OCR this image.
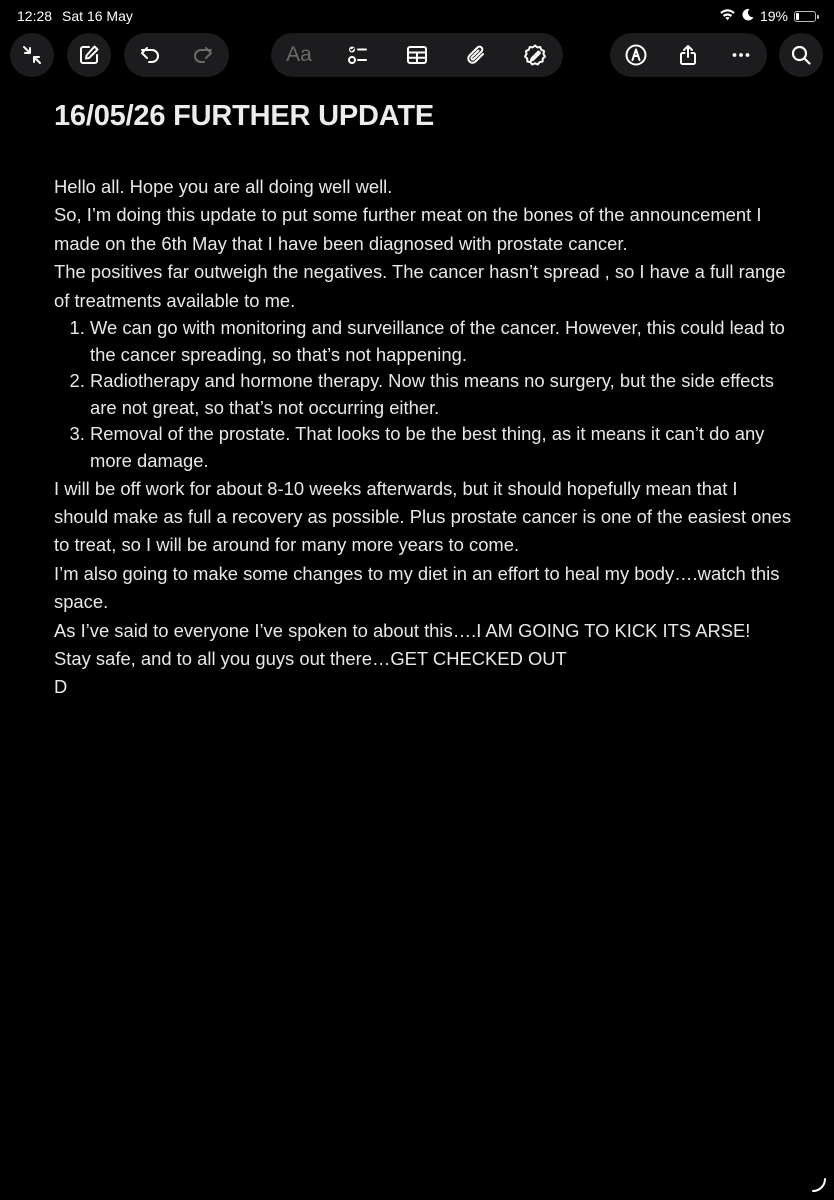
12:28 Sat 16 May	19%
Aa
16/05/26 FURTHER UPDATE

Hello all. Hope you are all doing well well.

So, I’m doing this update to put some further meat on the bones of the announcement I made on the 6th May that I have been diagnosed with prostate cancer.

The positives far outweigh the negatives. The cancer hasn’t spread , so I have a full range of treatments available to me.

1. We can go with monitoring and surveillance of the cancer. However, this could lead to the cancer spreading, so that’s not happening.
2. Radiotherapy and hormone therapy. Now this means no surgery, but the side effects are not great, so that’s not occurring either.
3. Removal of the prostate. That looks to be the best thing, as it means it can’t do any more damage.

I will be off work for about 8-10 weeks afterwards, but it should hopefully mean that I should make as full a recovery as possible. Plus prostate cancer is one of the easiest ones to treat, so I will be around for many more years to come.

I’m also going to make some changes to my diet in an effort to heal my body….watch this space.

As I’ve said to everyone I’ve spoken to about this….I AM GOING TO KICK ITS ARSE!

Stay safe, and to all you guys out there…GET CHECKED OUT

D
